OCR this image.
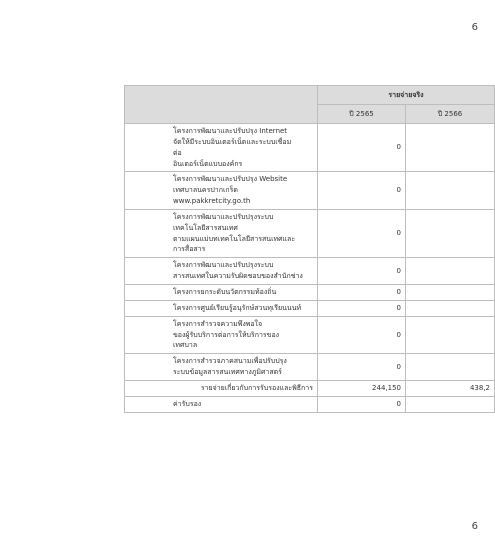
6
	รายจ่ายจริง	
	ปี 2565	ปี 2566

โครงการพัฒนาและปรับปรุง Internet
จัดให้มีระบบอินเตอร์เน็ตและระบบเชื่อม
ต่อ
อินเตอร์เน็ตแบบองค์กร	0	

โครงการพัฒนาและปรับปรุง Website
เทศบาลนครปากเกร็ด
www.pakkretcity.go.th	0	

โครงการพัฒนาและปรับปรุงระบบ
เทคโนโลยีสารสนเทศ
ตามแผนแม่บทเทคโนโลยีสารสนเทศและ
การสื่อสาร	0	

โครงการพัฒนาและปรับปรุงระบบ
สารสนเทศในความรับผิดชอบของสำนักช่าง	0	

โครงการยกระดับนวัตกรรมท้องถิ่น	0	

โครงการศูนย์เรียนรู้อนุรักษ์สวนทุเรียนนนท์	0	

โครงการสำรวจความพึงพอใจ
ของผู้รับบริการต่อการให้บริการของ
เทศบาล	0	

โครงการสำรวจภาคสนามเพื่อปรับปรุง
ระบบข้อมูลสารสนเทศทางภูมิศาสตร์	0	
รายจ่ายเกี่ยวกับการรับรองและพิธีการ	244,150	438,2
ค่ารับรอง	0	
6
